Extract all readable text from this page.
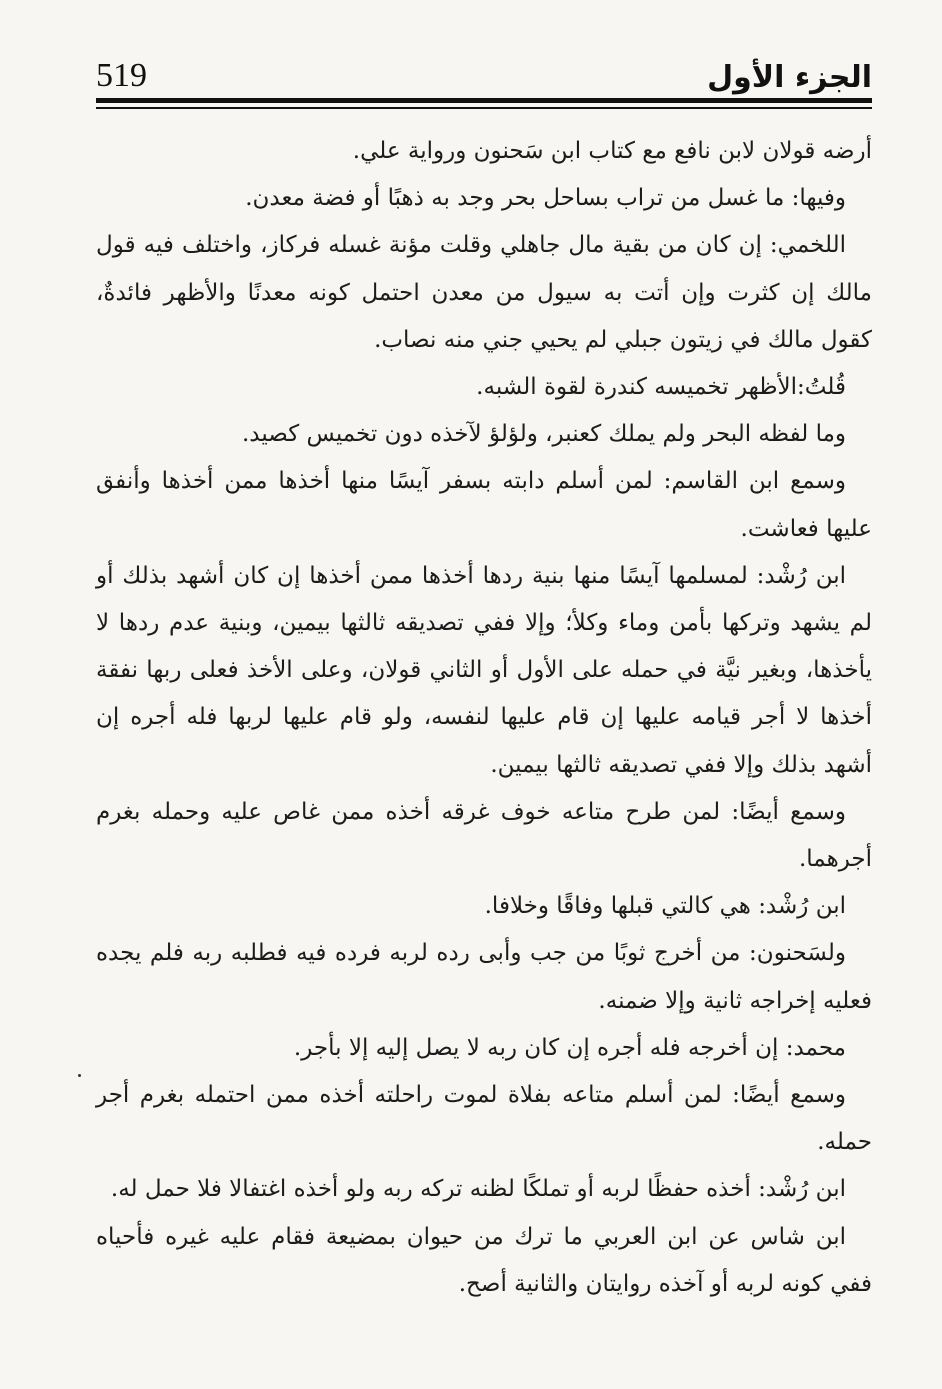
الجزء الأول
519

أرضه قولان لابن نافع مع كتاب ابن سَحنون ورواية علي.

وفيها: ما غسل من تراب بساحل بحر وجد به ذهبًا أو فضة معدن.

اللخمي: إن كان من بقية مال جاهلي وقلت مؤنة غسله فركاز، واختلف فيه قول مالك إن كثرت وإن أتت به سيول من معدن احتمل كونه معدنًا والأظهر فائدةٌ، كقول مالك في زيتون جبلي لم يحيي جني منه نصاب.

قُلتُ:الأظهر تخميسه كندرة لقوة الشبه.

وما لفظه البحر ولم يملك كعنبر، ولؤلؤ لآخذه دون تخميس كصيد.

وسمع ابن القاسم: لمن أسلم دابته بسفر آيسًا منها أخذها ممن أخذها وأنفق عليها فعاشت.

ابن رُشْد: لمسلمها آيسًا منها بنية ردها أخذها ممن أخذها إن كان أشهد بذلك أو لم يشهد وتركها بأمن وماء وكلأ؛ وإلا ففي تصديقه ثالثها بيمين، وبنية عدم ردها لا يأخذها، وبغير نيَّة في حمله على الأول أو الثاني قولان، وعلى الأخذ فعلى ربها نفقة أخذها لا أجر قيامه عليها إن قام عليها لنفسه، ولو قام عليها لربها فله أجره إن أشهد بذلك وإلا ففي تصديقه ثالثها بيمين.

وسمع أيضًا: لمن طرح متاعه خوف غرقه أخذه ممن غاص عليه وحمله بغرم أجرهما.

ابن رُشْد: هي كالتي قبلها وفاقًا وخلافا.

ولسَحنون: من أخرج ثوبًا من جب وأبى رده لربه فرده فيه فطلبه ربه فلم يجده فعليه إخراجه ثانية وإلا ضمنه.

محمد: إن أخرجه فله أجره إن كان ربه لا يصل إليه إلا بأجر.

وسمع أيضًا: لمن أسلم متاعه بفلاة لموت راحلته أخذه ممن احتمله بغرم أجر حمله.

ابن رُشْد: أخذه حفظًا لربه أو تملكًا لظنه تركه ربه ولو أخذه اغتفالا فلا حمل له.

ابن شاس عن ابن العربي ما ترك من حيوان بمضيعة فقام عليه غيره فأحياه ففي كونه لربه أو آخذه روايتان والثانية أصح.
